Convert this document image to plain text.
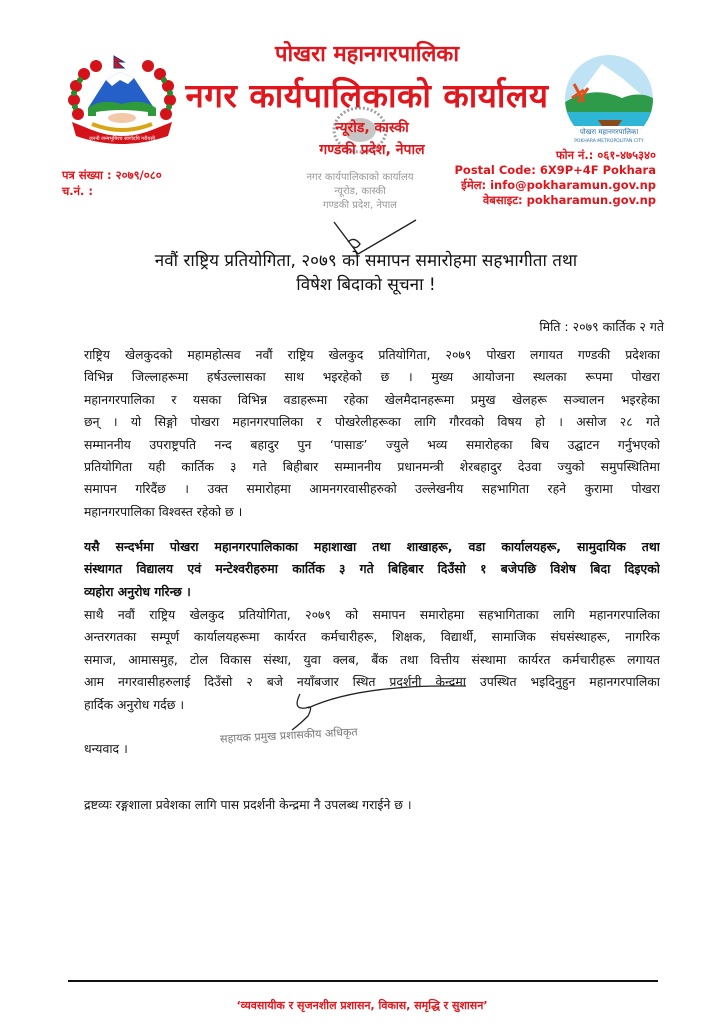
जननी जन्मभूमिश्च स्वर्गादपि गरीयसी
पोखरा महानगरपालिका
नगर कार्यपालिकाको कार्यालय
नगर कार्यपालिकाको कार्यालय
न्यूरोड, कास्की
गण्डकी प्रदेश, नेपाल
न्यूरोड, कास्की
गण्डकी प्रदेश, नेपाल
पोखरा महानगरपालिका
POKHARA METROPOLITAN CITY
पत्र संख्या : २०७९/०८०
च.नं. :
फोन नं.: ०६१-४७५३४०
Postal Code: 6X9P+4F Pokhara
ईमेल: info@pokharamun.gov.np
वेबसाइट: pokharamun.gov.np
नवौं राष्ट्रिय प्रतियोगिता, २०७९ को समापन समारोहमा सहभागीता तथा
विषेश बिदाको सूचना !
मिति : २०७९ कार्तिक २ गते
राष्ट्रिय खेलकुदको महामहोत्सव नवौं राष्ट्रिय खेलकुद प्रतियोगिता, २०७९ पोखरा लगायत गण्डकी प्रदेशका
विभिन्न जिल्लाहरूमा हर्षउल्लासका साथ भइरहेको छ । मुख्य आयोजना स्थलका रूपमा पोखरा
महानगरपालिका र यसका विभिन्न वडाहरूमा रहेका खेलमैदानहरूमा प्रमुख खेलहरू सञ्चालन भइरहेका
छन् । यो सिङ्गो पोखरा महानगरपालिका र पोखरेलीहरूका लागि गौरवको विषय हो । असोज २८ गते
सम्माननीय उपराष्ट्रपति नन्द बहादुर पुन ‘पासाङ’ ज्युले भव्य समारोहका बिच उद्घाटन गर्नुभएको
प्रतियोगिता यही कार्तिक ३ गते बिहीबार सम्माननीय प्रधानमन्त्री शेरबहादुर देउवा ज्युको समुपस्थितिमा
समापन गरिदैंछ । उक्त समारोहमा आमनगरवासीहरुको उल्लेखनीय सहभागिता रहने कुरामा पोखरा
महानगरपालिका विश्वस्त रहेको छ ।
यसै सन्दर्भमा पोखरा महानगरपालिकाका महाशाखा तथा शाखाहरू, वडा कार्यालयहरू, सामुदायिक तथा
संस्थागत विद्यालय एवं मन्टेश्वरीहरुमा कार्तिक ३ गते बिहिबार दिउँसो १ बजेपछि विशेष बिदा दिइएको
व्यहोरा अनुरोध गरिन्छ ।
साथै नवौं राष्ट्रिय खेलकुद प्रतियोगिता, २०७९ को समापन समारोहमा सहभागिताका लागि महानगरपालिका
अन्तरगतका सम्पूर्ण कार्यालयहरूमा कार्यरत कर्मचारीहरू, शिक्षक, विद्यार्थी, सामाजिक संघसंस्थाहरू, नागरिक
समाज, आमासमुह, टोल विकास संस्था, युवा क्लब, बैंक तथा वित्तीय संस्थामा कार्यरत कर्मचारीहरू लगायत
आम नगरवासीहरुलाई दिउँसो २ बजे नयाँबजार स्थित प्रदर्शनी केन्द्रमा उपस्थित भइदिनुहुन महानगरपालिका
हार्दिक अनुरोध गर्दछ ।
सहायक प्रमुख प्रशासकीय अधिकृत
धन्यवाद ।
द्रष्टव्यः रङ्गशाला प्रवेशका लागि पास प्रदर्शनी केन्द्रमा नै उपलब्ध गराईने छ ।
‘व्यवसायीक र सृजनशील प्रशासन, विकास, समृद्धि र सुशासन’
